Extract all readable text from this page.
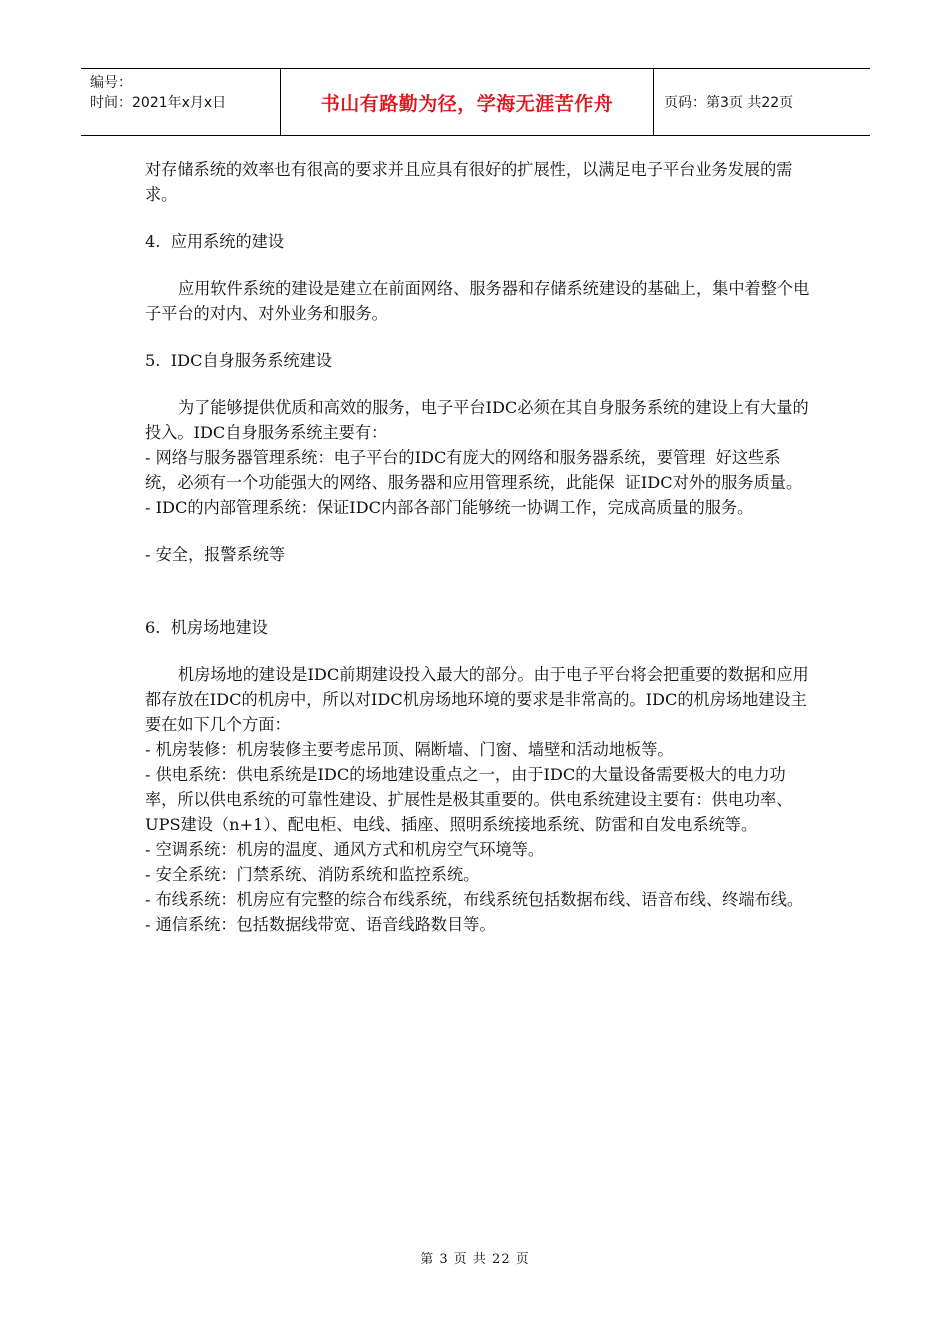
编号：
时间：2021年x月x日	书山有路勤为径，学海无涯苦作舟	页码：第3页 共22页

对存储系统的效率也有很高的要求并且应具有很好的扩展性，以满足电子平台业务发展的需求。

4.  应用系统的建设

应用软件系统的建设是建立在前面网络、服务器和存储系统建设的基础上，集中着整个电子平台的对内、对外业务和服务。

5.  IDC自身服务系统建设

为了能够提供优质和高效的服务，电子平台IDC必须在其自身服务系统的建设上有大量的投入。IDC自身服务系统主要有：

- 网络与服务器管理系统：电子平台的IDC有庞大的网络和服务器系统，要管理  好这些系统，必须有一个功能强大的网络、服务器和应用管理系统，此能保  证IDC对外的服务质量。

- IDC的内部管理系统：保证IDC内部各部门能够统一协调工作，完成高质量的服务。

- 安全，报警系统等

6.  机房场地建设

机房场地的建设是IDC前期建设投入最大的部分。由于电子平台将会把重要的数据和应用都存放在IDC的机房中，所以对IDC机房场地环境的要求是非常高的。IDC的机房场地建设主要在如下几个方面：

- 机房装修：机房装修主要考虑吊顶、隔断墙、门窗、墙壁和活动地板等。

- 供电系统：供电系统是IDC的场地建设重点之一，由于IDC的大量设备需要极大的电力功率，所以供电系统的可靠性建设、扩展性是极其重要的。供电系统建设主要有：供电功率、UPS建设（n+1）、配电柜、电线、插座、照明系统接地系统、防雷和自发电系统等。

- 空调系统：机房的温度、通风方式和机房空气环境等。

- 安全系统：门禁系统、消防系统和监控系统。

- 布线系统：机房应有完整的综合布线系统，布线系统包括数据布线、语音布线、终端布线。

- 通信系统：包括数据线带宽、语音线路数目等。

第 3 页 共 22 页
